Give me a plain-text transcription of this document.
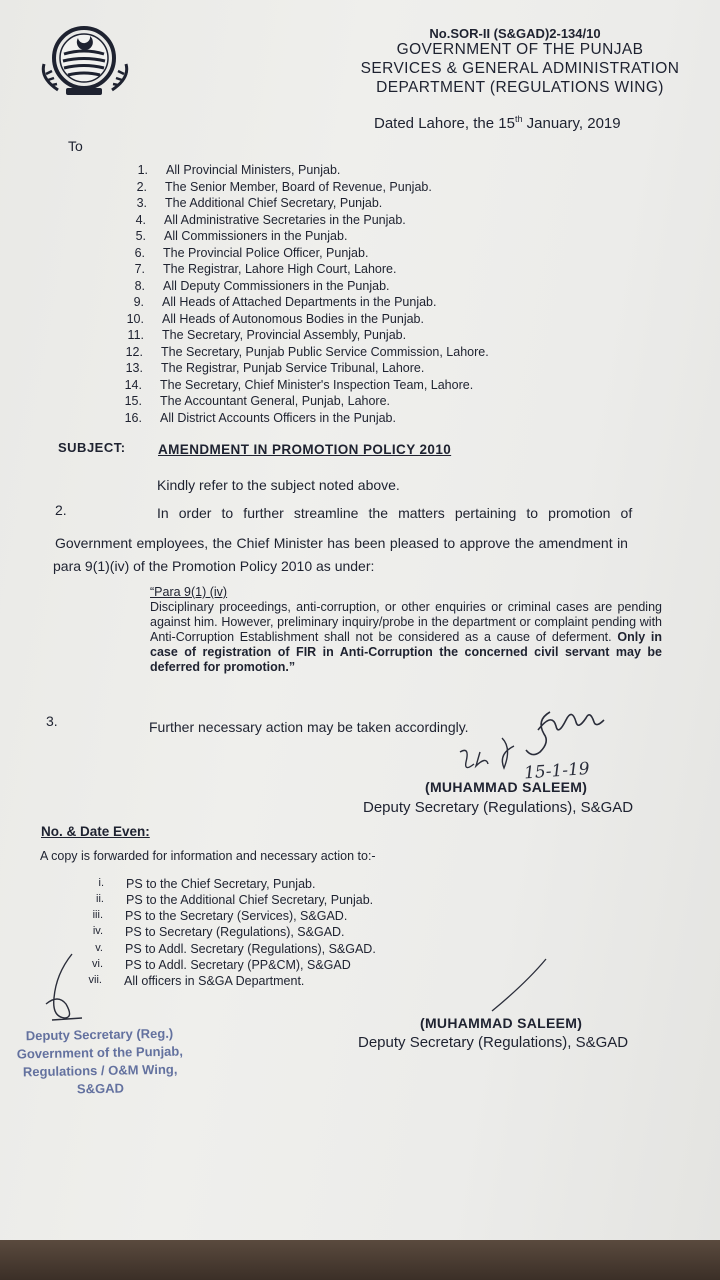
No.SOR-II (S&GAD)2-134/10
GOVERNMENT OF THE PUNJAB
SERVICES & GENERAL ADMINISTRATION
DEPARTMENT (REGULATIONS WING)
Dated Lahore, the 15th January, 2019
To
1. All Provincial Ministers, Punjab.
2. The Senior Member, Board of Revenue, Punjab.
3. The Additional Chief Secretary, Punjab.
4. All Administrative Secretaries in the Punjab.
5. All Commissioners in the Punjab.
6. The Provincial Police Officer, Punjab.
7. The Registrar, Lahore High Court, Lahore.
8. All Deputy Commissioners in the Punjab.
9. All Heads of Attached Departments in the Punjab.
10. All Heads of Autonomous Bodies in the Punjab.
11. The Secretary, Provincial Assembly, Punjab.
12. The Secretary, Punjab Public Service Commission, Lahore.
13. The Registrar, Punjab Service Tribunal, Lahore.
14. The Secretary, Chief Minister's Inspection Team, Lahore.
15. The Accountant General, Punjab, Lahore.
16. All District Accounts Officers in the Punjab.
SUBJECT: AMENDMENT IN PROMOTION POLICY 2010
Kindly refer to the subject noted above.
2.	In order to further streamline the matters pertaining to promotion of
Government employees, the Chief Minister has been pleased to approve the amendment in
para 9(1)(iv) of the Promotion Policy 2010 as under:
“Para 9(1) (iv)
Disciplinary proceedings, anti-corruption, or other enquiries or criminal cases are pending against him. However, preliminary inquiry/probe in the department or complaint pending with Anti-Corruption Establishment shall not be considered as a cause of deferment. Only in case of registration of FIR in Anti-Corruption the concerned civil servant may be deferred for promotion.”
3.	Further necessary action may be taken accordingly.
15-1-19
(MUHAMMAD SALEEM)
Deputy Secretary (Regulations), S&GAD
No. & Date Even:
A copy is forwarded for information and necessary action to:-
i. PS to the Chief Secretary, Punjab.
ii. PS to the Additional Chief Secretary, Punjab.
iii. PS to the Secretary (Services), S&GAD.
iv. PS to Secretary (Regulations), S&GAD.
v. PS to Addl. Secretary (Regulations), S&GAD.
vi. PS to Addl. Secretary (PP&CM), S&GAD
vii. All officers in S&GA Department.
(MUHAMMAD SALEEM)
Deputy Secretary (Regulations), S&GAD
Deputy Secretary (Reg.)
Government of the Punjab,
Regulations / O&M Wing,
S&GAD
